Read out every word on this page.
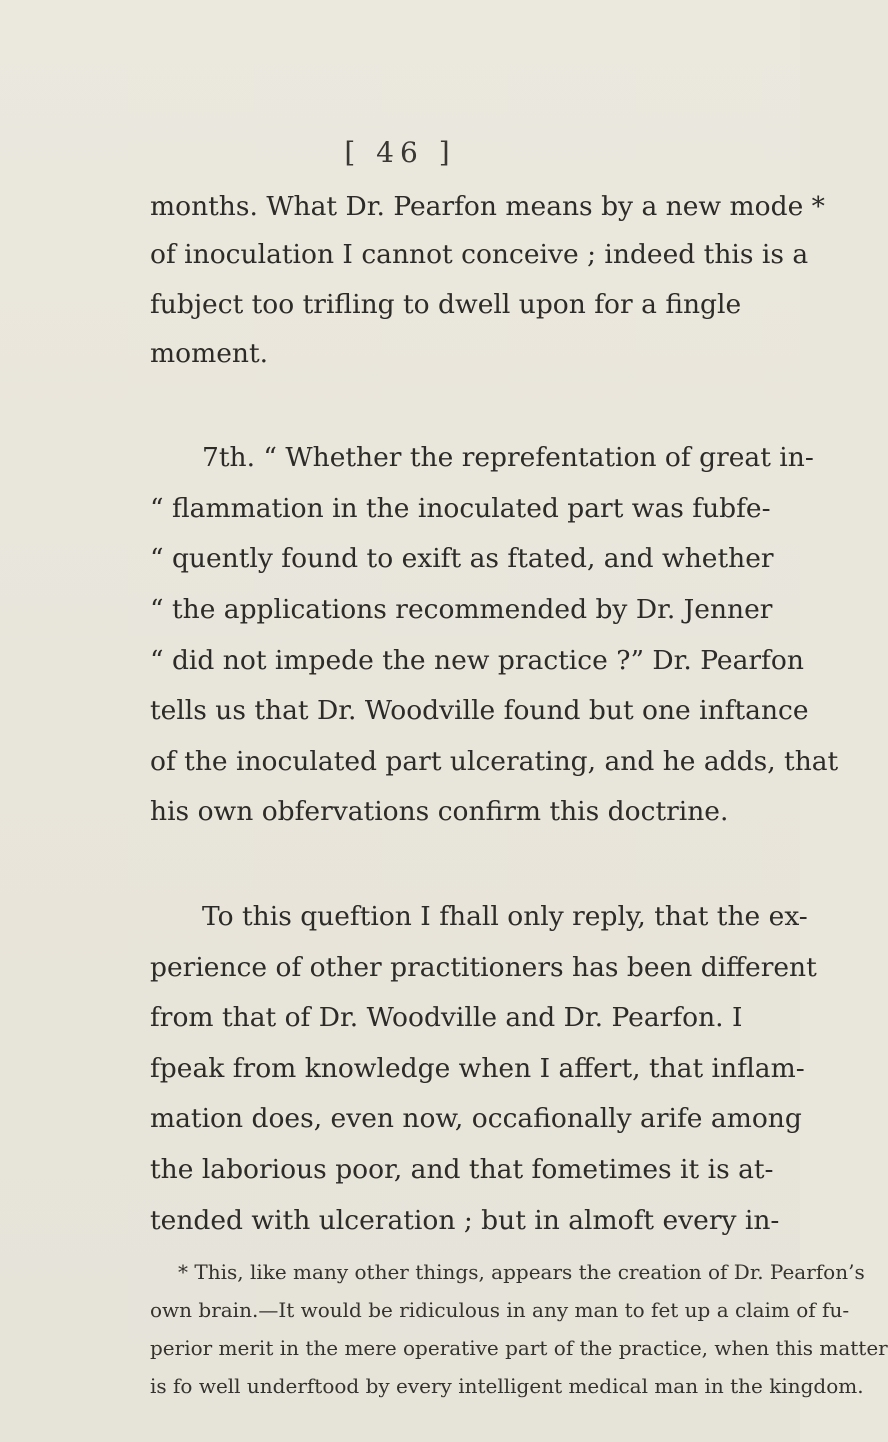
[ 46 ]
months. What Dr. Pearfon means by a new mode *
of inoculation I cannot conceive ; indeed this is a
fubject too trifling to dwell upon for a fingle
moment.
7th. “ Whether the reprefentation of great in-
“ flammation in the inoculated part was fubfe-
“ quently found to exift as ftated, and whether
“ the applications recommended by Dr. Jenner
“ did not impede the new practice ?” Dr. Pearfon
tells us that Dr. Woodville found but one inftance
of the inoculated part ulcerating, and he adds, that
his own obfervations confirm this doctrine.
To this queftion I fhall only reply, that the ex-
perience of other practitioners has been different
from that of Dr. Woodville and Dr. Pearfon. I
fpeak from knowledge when I affert, that inflam-
mation does, even now, occafionally arife among
the laborious poor, and that fometimes it is at-
tended with ulceration ; but in almoft every in-
* This, like many other things, appears the creation of Dr. Pearfon’s
own brain.—It would be ridiculous in any man to fet up a claim of fu-
perior merit in the mere operative part of the practice, when this matter
is fo well underftood by every intelligent medical man in the kingdom.
